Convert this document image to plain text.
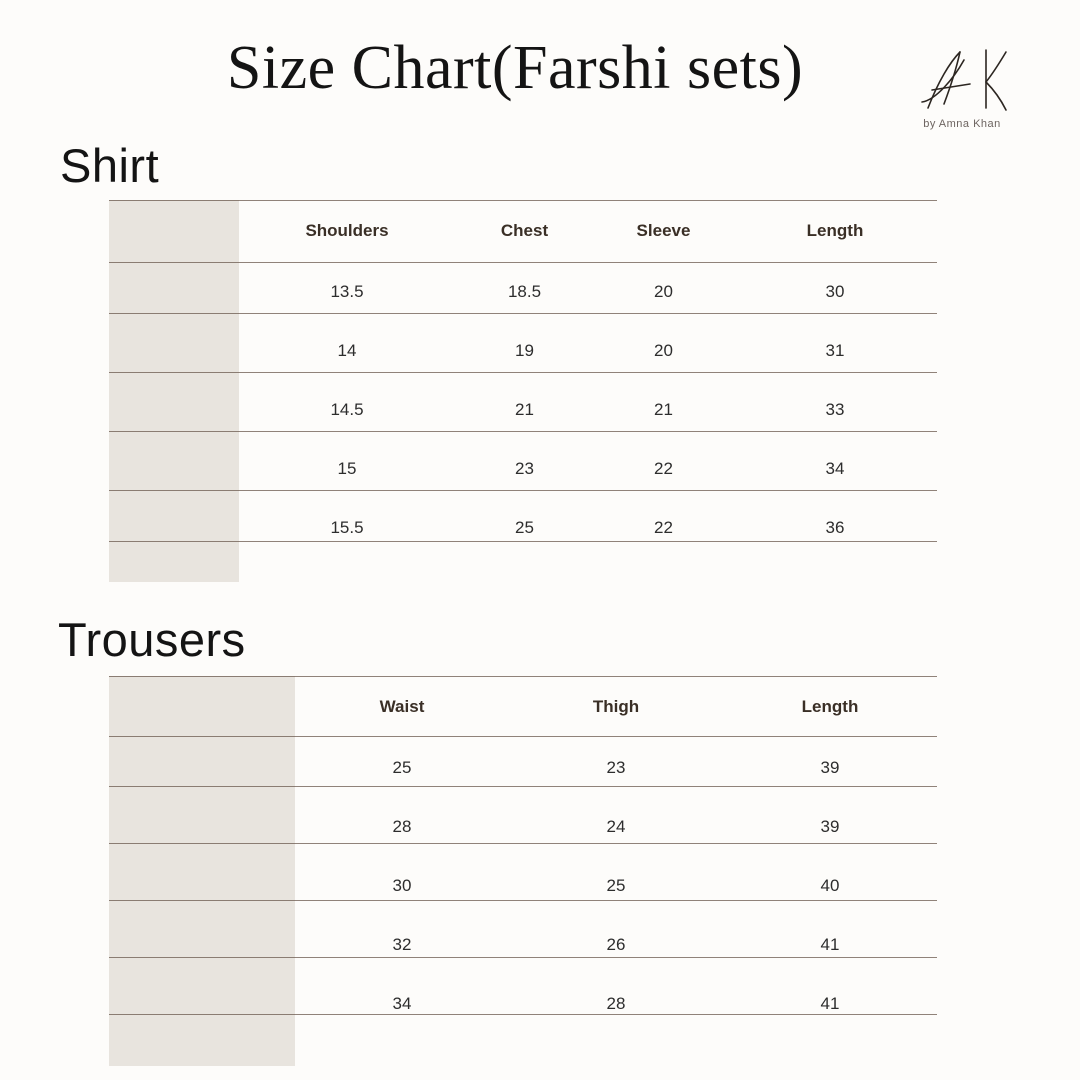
Size Chart(Farshi sets)
by Amna Khan
Shirt
	Shoulders	Chest	Sleeve	Length
	13.5	18.5	20	30
	14	19	20	31
	14.5	21	21	33
	15	23	22	34
	15.5	25	22	36

Trousers
	Waist	Thigh	Length
	25	23	39
	28	24	39
	30	25	40
	32	26	41
	34	28	41
